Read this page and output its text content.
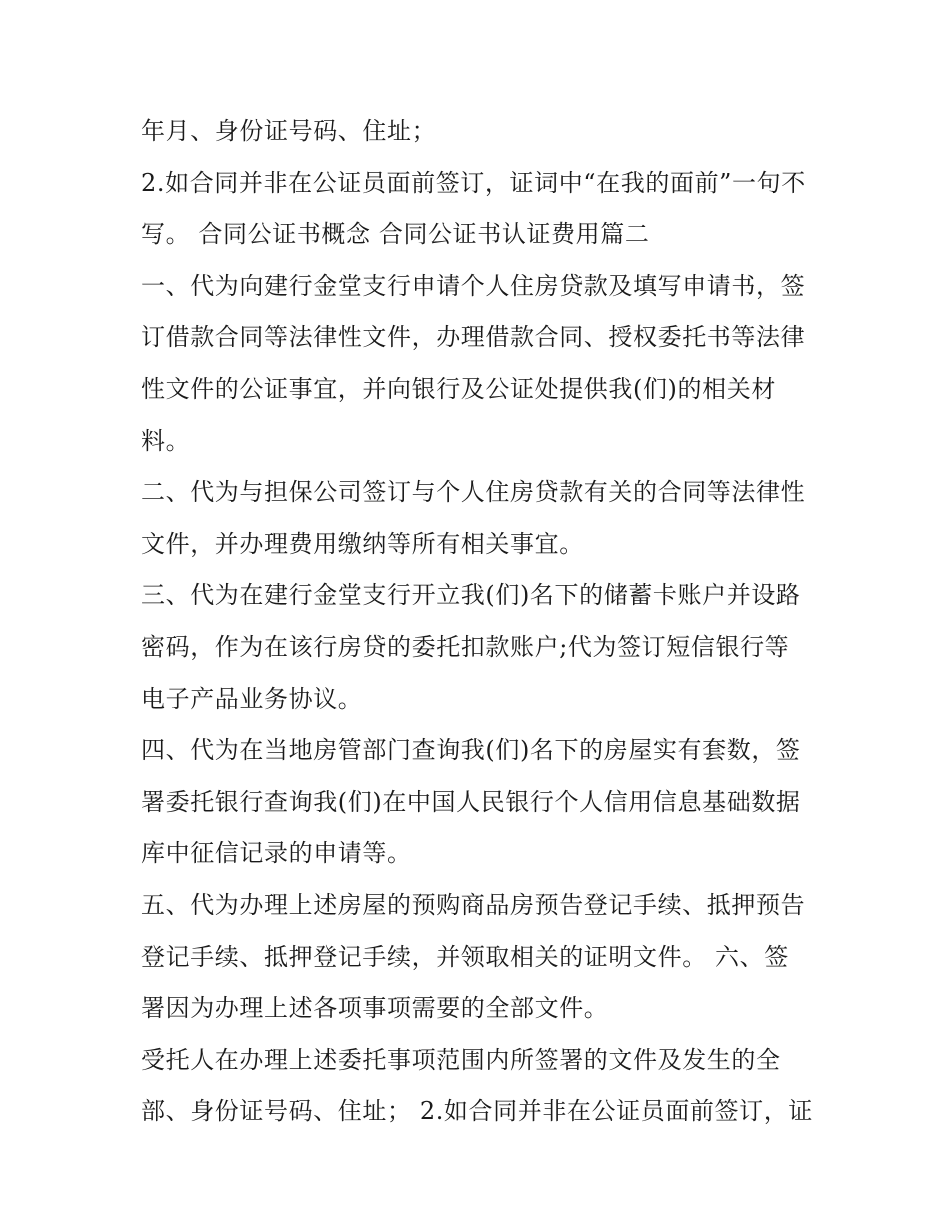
年月、身份证号码、住址；
2.如合同并非在公证员面前签订，证词中“在我的面前”一句不
写。 合同公证书概念 合同公证书认证费用篇二
一、代为向建行金堂支行申请个人住房贷款及填写申请书，签
订借款合同等法律性文件，办理借款合同、授权委托书等法律
性文件的公证事宜，并向银行及公证处提供我(们)的相关材
料。
二、代为与担保公司签订与个人住房贷款有关的合同等法律性
文件，并办理费用缴纳等所有相关事宜。
三、代为在建行金堂支行开立我(们)名下的储蓄卡账户并设路
密码，作为在该行房贷的委托扣款账户;代为签订短信银行等
电子产品业务协议。
四、代为在当地房管部门查询我(们)名下的房屋实有套数，签
署委托银行查询我(们)在中国人民银行个人信用信息基础数据
库中征信记录的申请等。
五、代为办理上述房屋的预购商品房预告登记手续、抵押预告
登记手续、抵押登记手续，并领取相关的证明文件。 六、签
署因为办理上述各项事项需要的全部文件。
受托人在办理上述委托事项范围内所签署的文件及发生的全
部、身份证号码、住址； 2.如合同并非在公证员面前签订，证
